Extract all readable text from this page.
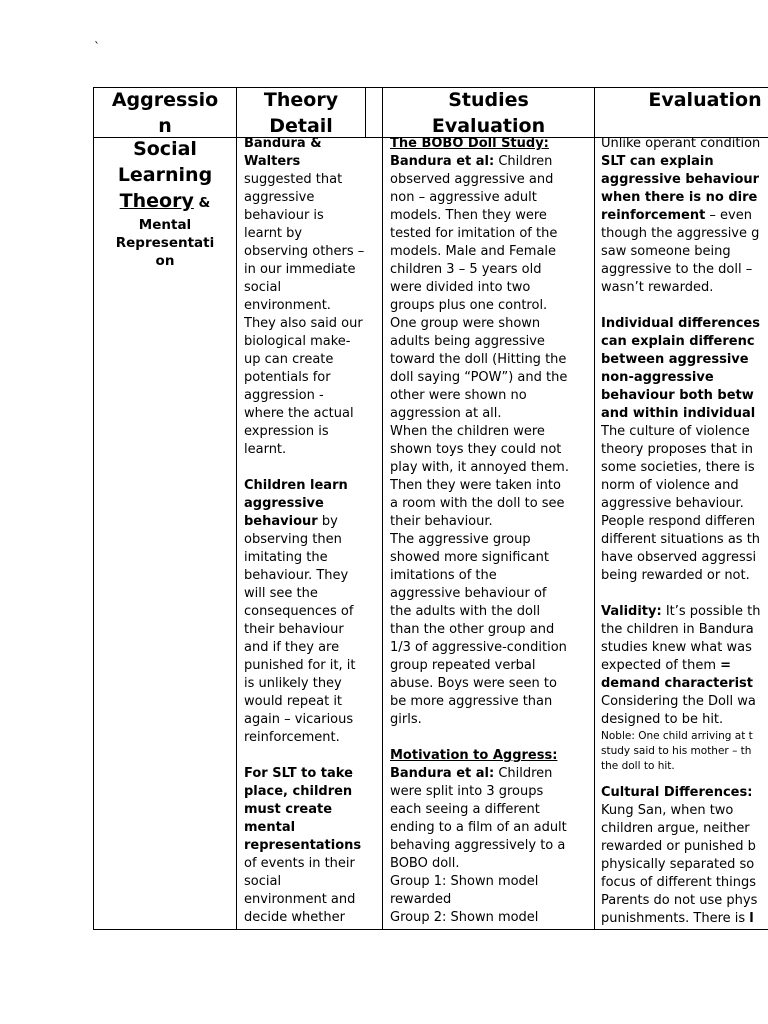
`
Aggressio
n
Theory
Detail
Studies
Evaluation
Evaluation
Social
Learning
Theory &
Mental
Representati
on
Bandura &
Walters
suggested that
aggressive
behaviour is
learnt by
observing others –
in our immediate
social
environment.
They also said our
biological make-
up can create
potentials for
aggression -
where the actual
expression is
learnt.
Children learn
aggressive
behaviour by
observing then
imitating the
behaviour. They
will see the
consequences of
their behaviour
and if they are
punished for it, it
is unlikely they
would repeat it
again – vicarious
reinforcement.
For SLT to take
place, children
must create
mental
representations
of events in their
social
environment and
decide whether
The BOBO Doll Study:
Bandura et al: Children
observed aggressive and
non – aggressive adult
models. Then they were
tested for imitation of the
models. Male and Female
children 3 – 5 years old
were divided into two
groups plus one control.
One group were shown
adults being aggressive
toward the doll (Hitting the
doll saying “POW”) and the
other were shown no
aggression at all.
When the children were
shown toys they could not
play with, it annoyed them.
Then they were taken into
a room with the doll to see
their behaviour.
The aggressive group
showed more significant
imitations of the
aggressive behaviour of
the adults with the doll
than the other group and
1/3 of aggressive-condition
group repeated verbal
abuse. Boys were seen to
be more aggressive than
girls.
Motivation to Aggress:
Bandura et al: Children
were split into 3 groups
each seeing a different
ending to a film of an adult
behaving aggressively to a
BOBO doll.
Group 1: Shown model
rewarded
Group 2: Shown model
Unlike operant condition
SLT can explain
aggressive behaviour
when there is no dire
reinforcement – even
though the aggressive g
saw someone being
aggressive to the doll –
wasn’t rewarded.
Individual differences
can explain differenc
between aggressive
non-aggressive
behaviour both betw
and within individual
The culture of violence
theory proposes that in
some societies, there is
norm of violence and
aggressive behaviour.
People respond differen
different situations as th
have observed aggressi
being rewarded or not.
Validity: It’s possible th
the children in Bandura
studies knew what was
expected of them =
demand characterist
Considering the Doll wa
designed to be hit.
Noble: One child arriving at t
study said to his mother – th
the doll to hit.
Cultural Differences:
Kung San, when two
children argue, neither
rewarded or punished b
physically separated so
focus of different things
Parents do not use phys
punishments. There is l
